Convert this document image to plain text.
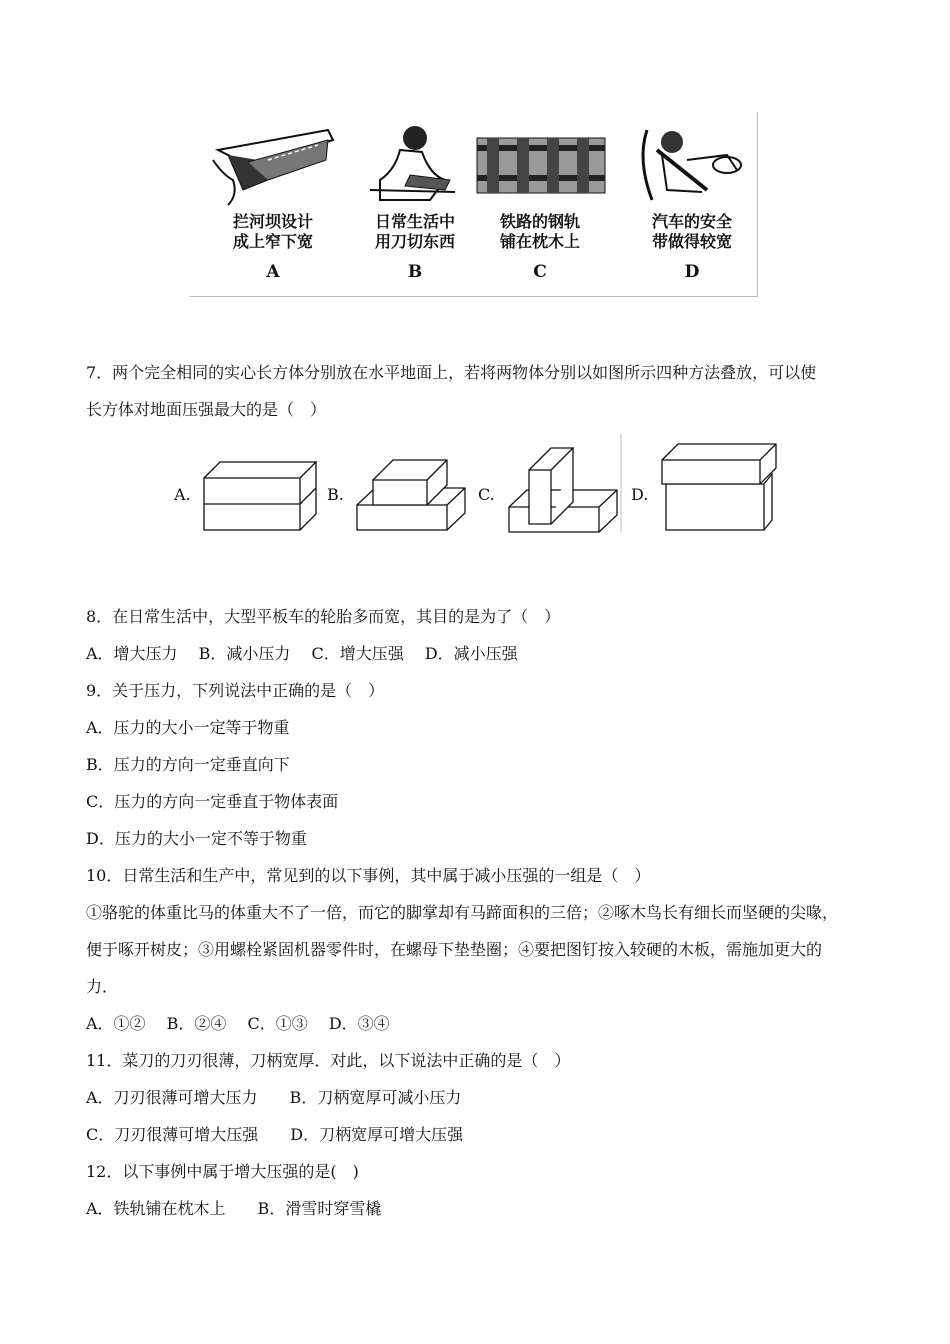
拦河坝设计
成上窄下宽
A
日常生活中
用刀切东西
B
铁路的钢轨
铺在枕木上
C
汽车的安全
带做得较宽
D
7．两个完全相同的实心长方体分别放在水平地面上，若将两物体分别以如图所示四种方法叠放，可以使
长方体对地面压强最大的是（　）
A.	B.	C.	D.
8．在日常生活中，大型平板车的轮胎多而宽，其目的是为了（　）
A．增大压力　 B．减小压力　 C．增大压强　 D．减小压强
9．关于压力，下列说法中正确的是（　）
A．压力的大小一定等于物重
B．压力的方向一定垂直向下
C．压力的方向一定垂直于物体表面
D．压力的大小一定不等于物重
10．日常生活和生产中，常见到的以下事例，其中属于减小压强的一组是（　）
①骆驼的体重比马的体重大不了一倍，而它的脚掌却有马蹄面积的三倍；②啄木鸟长有细长而坚硬的尖喙，
便于啄开树皮；③用螺栓紧固机器零件时，在螺母下垫垫圈；④要把图钉按入较硬的木板，需施加更大的
力．
A．①②　 B．②④　 C．①③　 D．③④
11．菜刀的刀刃很薄，刀柄宽厚．对此，以下说法中正确的是（　）
A．刀刃很薄可增大压力　　B．刀柄宽厚可减小压力
C．刀刃很薄可增大压强　　D．刀柄宽厚可增大压强
12．以下事例中属于增大压强的是(　)
A．铁轨铺在枕木上　　B．滑雪时穿雪橇
